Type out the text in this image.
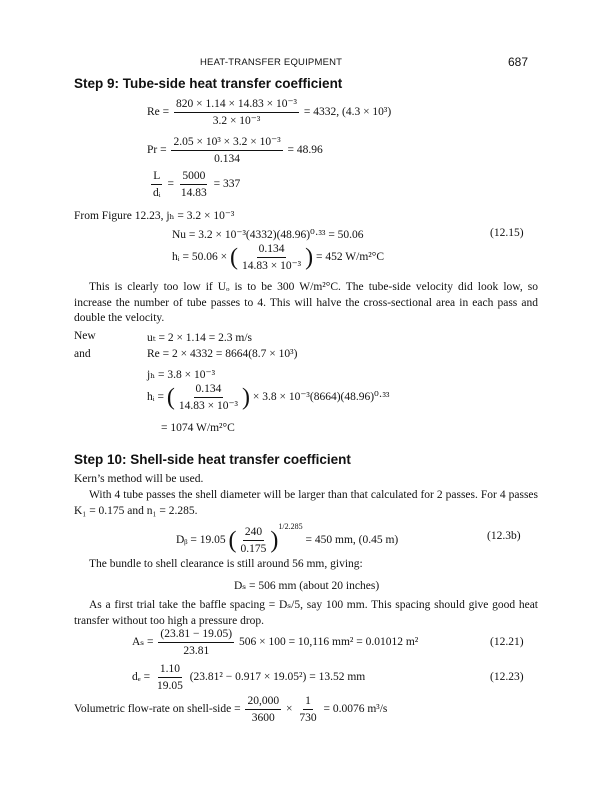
HEAT-TRANSFER EQUIPMENT	687
Step 9: Tube-side heat transfer coefficient
$Re = \frac{\text{820 × 1.14 × 14.83 × 10⁻³}}{\text{3.2 × 10⁻³}} = 4332$, (4.3 × 10³)
$Pr = \frac{\text{2.05 × 10³ × 3.2 × 10⁻³}}{0.134} = 48.96$
$\frac{L}{\text{dᵢ}} = \frac{5000}{14.83} = 337$
From Figure 12.23, jₕ = 3.2 × 10⁻³
Nu = 3.2 × 10⁻³(4332)(48.96)⁰·³³ = 50.06	(12.15)
hᵢ = 50.06 × ( $\frac{0.134}{\text{14.83 × 10⁻³}}$ ) = 452 W/m²°C
This is clearly too low if Uₒ is to be 300 W/m²°C. The tube-side velocity did look low, so increase the number of tube passes to 4. This will halve the cross-sectional area in each pass and double the velocity.
New	uₜ = 2 × 1.14 = 2.3 m/s
and	Re = 2 × 4332 = 8664(8.7 × 10³)
jₕ = 3.8 × 10⁻³
hᵢ = ( $\frac{0.134}{\text{14.83 × 10⁻³}}$ ) × 3.8 × 10⁻³(8664)(48.96)⁰·³³
= 1074 W/m²°C
Step 10: Shell-side heat transfer coefficient
Kern’s method will be used.
With 4 tube passes the shell diameter will be larger than that calculated for 2 passes. For 4 passes K₁ = 0.175 and n₁ = 2.285.
Dᵦ = 19.05 ( $\frac{240}{0.175} )^{1/2.285} = 450$ mm, (0.45 m)	(12.3b)
The bundle to shell clearance is still around 56 mm, giving:
Dₛ = 506 mm (about 20 inches)
As a first trial take the baffle spacing = Dₛ/5, say 100 mm. This spacing should give good heat transfer without too high a pressure drop.
$A_s = \frac{(23.81 - 19.05)}{23.81} 506 \times 100 = 10,116$ mm² = 0.01012 m²	(12.21)
$d_e = \frac{1.10}{19.05} (23.81^2 - 0.917 \times 19.05^2) = 13.52$ mm	(12.23)
Volumetric flow-rate on shell-side = $\frac{20,000}{3600} \times \frac{1}{730} = 0.0076$ m³/s
